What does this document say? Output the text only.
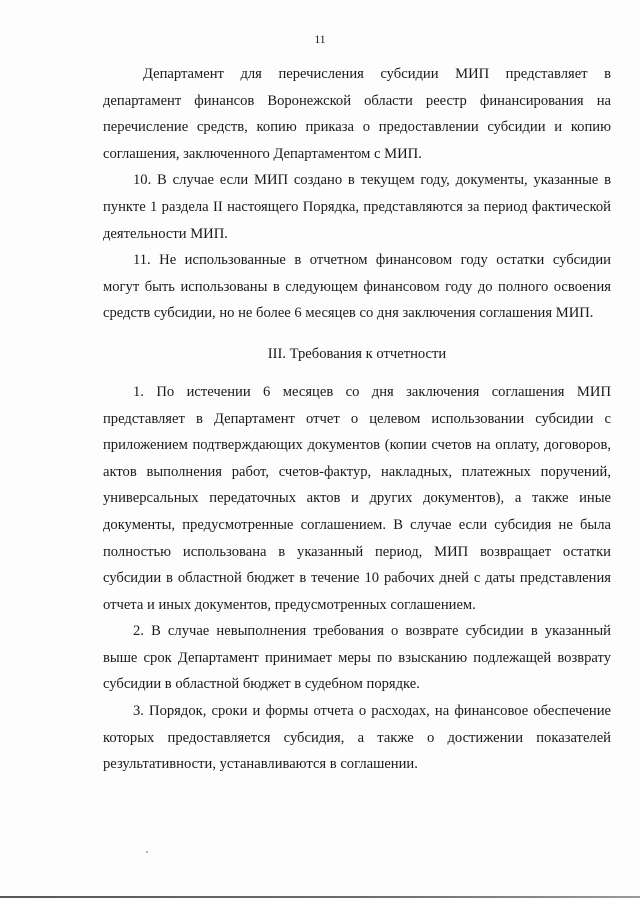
11

Департамент для перечисления субсидии МИП представляет в департамент финансов Воронежской области реестр финансирования на перечисление средств, копию приказа о предоставлении субсидии и копию соглашения, заключенного Департаментом с МИП.

10. В случае если МИП создано в текущем году, документы, указанные в пункте 1 раздела II настоящего Порядка, представляются за период фактической деятельности МИП.

11. Не использованные в отчетном финансовом году остатки субсидии могут быть использованы в следующем финансовом году до полного освоения средств субсидии, но не более 6 месяцев со дня заключения соглашения МИП.

III. Требования к отчетности

1. По истечении 6 месяцев со дня заключения соглашения МИП представляет в Департамент отчет о целевом использовании субсидии с приложением подтверждающих документов (копии счетов на оплату, договоров, актов выполнения работ, счетов-фактур, накладных, платежных поручений, универсальных передаточных актов и других документов), а также иные документы, предусмотренные соглашением. В случае если субсидия не была полностью использована в указанный период, МИП возвращает остатки субсидии в областной бюджет в течение 10 рабочих дней с даты представления отчета и иных документов, предусмотренных соглашением.

2. В случае невыполнения требования о возврате субсидии в указанный выше срок Департамент принимает меры по взысканию подлежащей возврату субсидии в областной бюджет в судебном порядке.

3. Порядок, сроки и формы отчета о расходах, на финансовое обеспечение которых предоставляется субсидия, а также о достижении показателей результативности, устанавливаются в соглашении.
